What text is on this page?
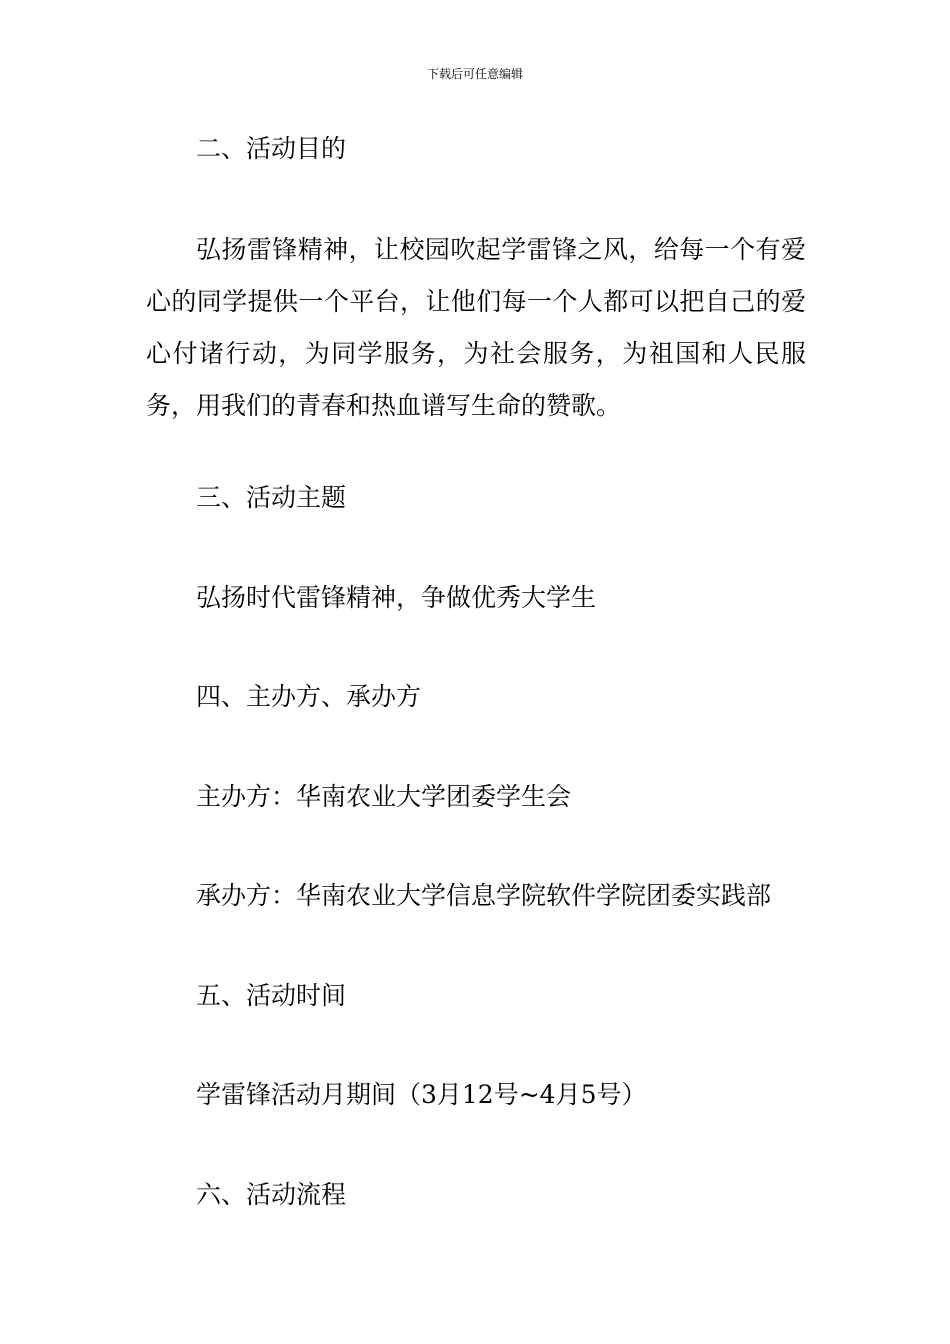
下载后可任意编辑
二、活动目的
弘扬雷锋精神，让校园吹起学雷锋之风，给每一个有爱心的同学提供一个平台，让他们每一个人都可以把自己的爱心付诸行动，为同学服务，为社会服务，为祖国和人民服务，用我们的青春和热血谱写生命的赞歌。
三、活动主题
弘扬时代雷锋精神，争做优秀大学生
四、主办方、承办方
主办方：华南农业大学团委学生会
承办方：华南农业大学信息学院软件学院团委实践部
五、活动时间
学雷锋活动月期间（3月12号~4月5号）
六、活动流程
